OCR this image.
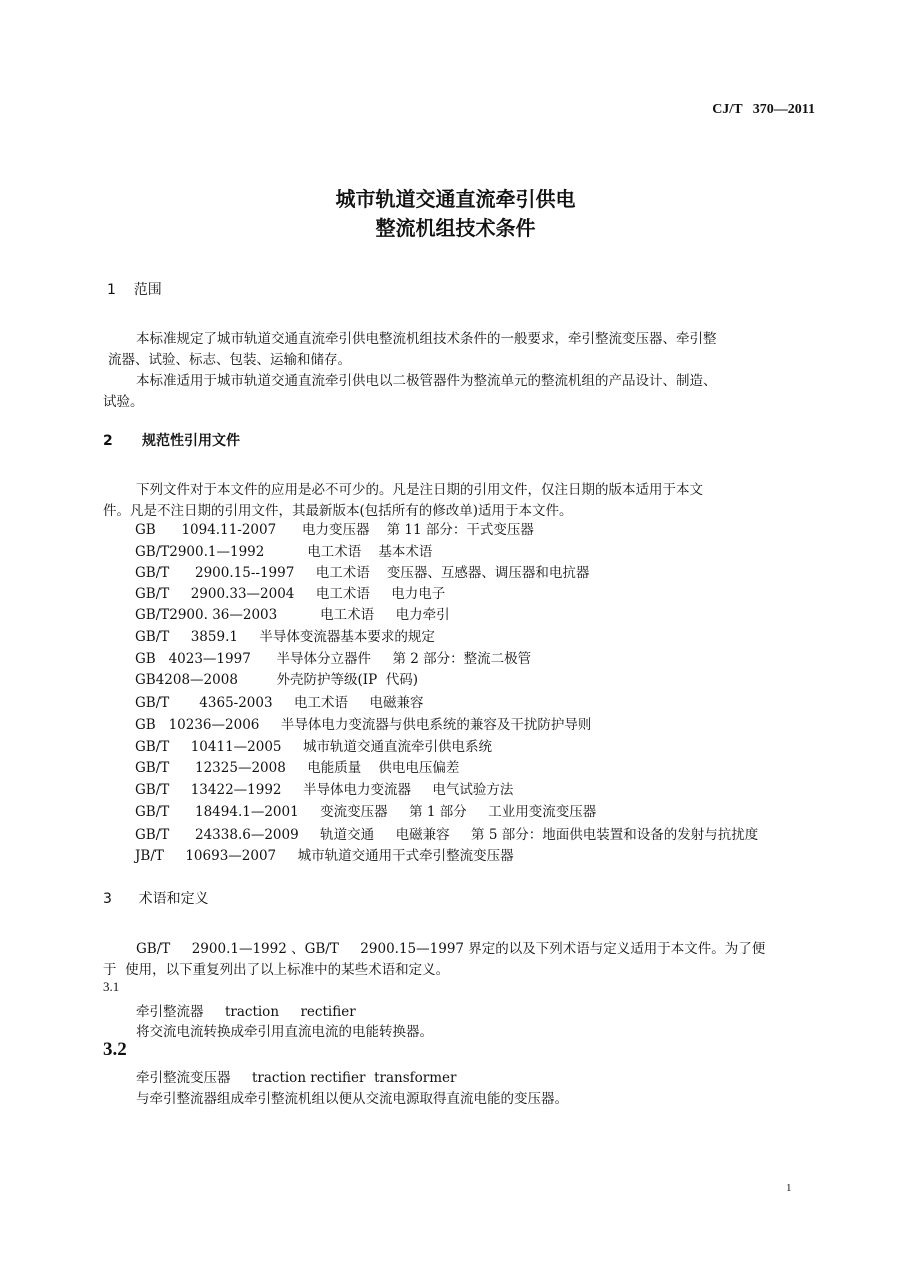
CJ/T   370—2011
城市轨道交通直流牵引供电
整流机组技术条件
1    范围
本标准规定了城市轨道交通直流牵引供电整流机组技术条件的一般要求，牵引整流变压器、牵引整
流器、试验、标志、包装、运输和储存。
本标准适用于城市轨道交通直流牵引供电以二极管器件为整流单元的整流机组的产品设计、制造、
试验。
2      规范性引用文件
下列文件对于本文件的应用是必不可少的。凡是注日期的引用文件，仅注日期的版本适用于本文
件。凡是不注日期的引用文件，其最新版本(包括所有的修改单)适用于本文件。
GB      1094.11-2007      电力变压器    第 11 部分：干式变压器
GB/T2900.1—1992          电工术语    基本术语
GB/T      2900.15--1997     电工术语    变压器、互感器、调压器和电抗器
GB/T     2900.33—2004     电工术语     电力电子
GB/T2900. 36—2003          电工术语     电力牵引
GB/T     3859.1     半导体变流器基本要求的规定
GB   4023—1997      半导体分立器件     第 2 部分：整流二极管
GB4208—2008         外壳防护等级(IP  代码)
GB/T       4365-2003     电工术语     电磁兼容
GB   10236—2006     半导体电力变流器与供电系统的兼容及干扰防护导则
GB/T     10411—2005     城市轨道交通直流牵引供电系统
GB/T      12325—2008     电能质量    供电电压偏差
GB/T     13422—1992     半导体电力变流器     电气试验方法
GB/T      18494.1—2001     变流变压器     第 1 部分     工业用变流变压器
GB/T      24338.6—2009     轨道交通     电磁兼容     第 5 部分：地面供电装置和设备的发射与抗扰度
JB/T     10693—2007     城市轨道交通用干式牵引整流变压器
3      术语和定义
GB/T     2900.1—1992 、GB/T     2900.15—1997 界定的以及下列术语与定义适用于本文件。为了便
于  使用，以下重复列出了以上标准中的某些术语和定义。
3.1
牵引整流器     traction     rectifier
将交流电流转换成牵引用直流电流的电能转换器。
3.2
牵引整流变压器     traction rectifier  transformer
与牵引整流器组成牵引整流机组以便从交流电源取得直流电能的变压器。
1
